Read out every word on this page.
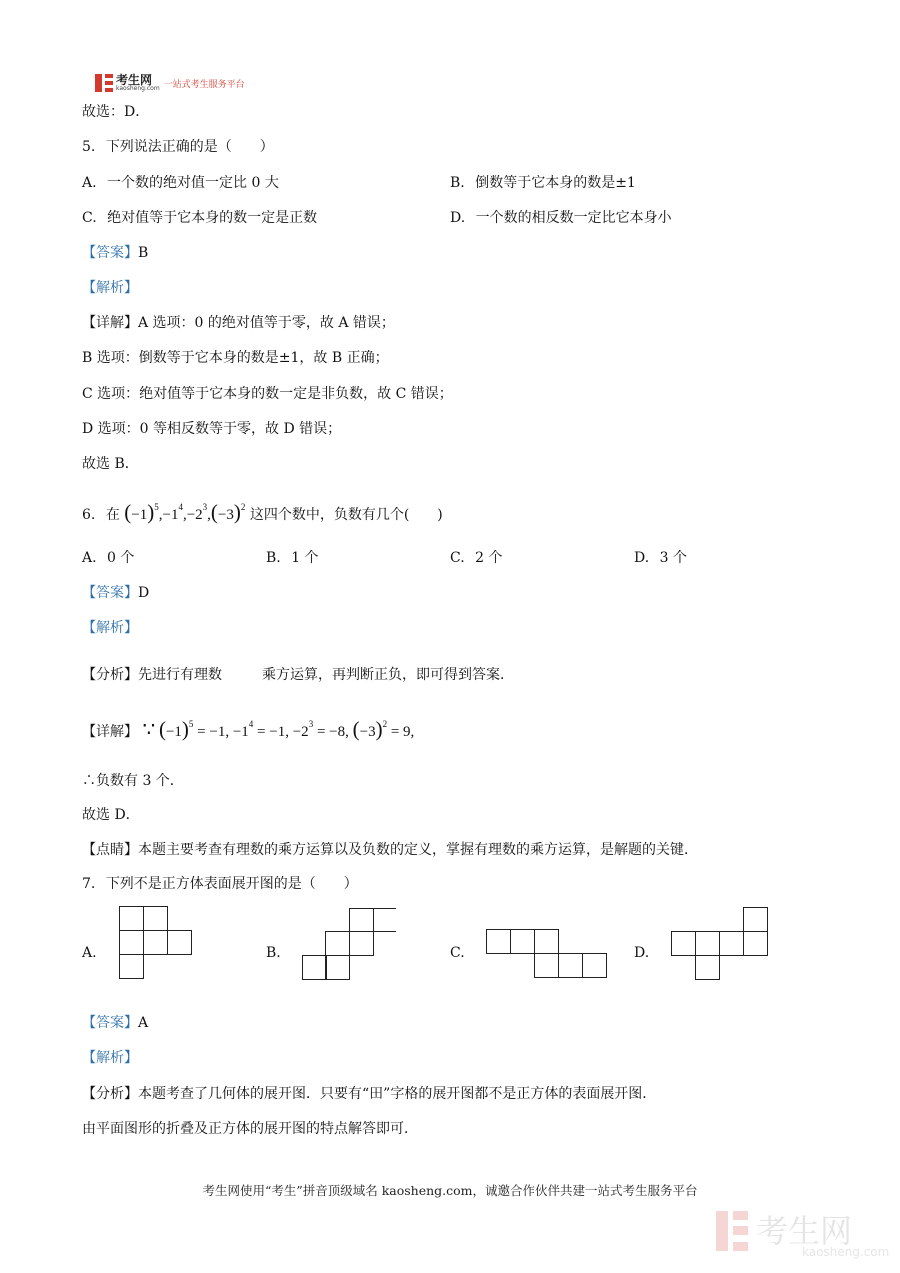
考生网
kaosheng.com 一站式考生服务平台
故选：D．
5. 下列说法正确的是（　　）
A. 一个数的绝对值一定比 0 大	B. 倒数等于它本身的数是±1
C. 绝对值等于它本身的数一定是正数	D. 一个数的相反数一定比它本身小
【答案】B
【解析】
【详解】A 选项：0 的绝对值等于零，故 A 错误；
B 选项：倒数等于它本身的数是±1，故 B 正确；
C 选项：绝对值等于它本身的数一定是非负数，故 C 错误；
D 选项：0 等相反数等于零，故 D 错误；
故选 B．
6. 在 $(-1)^5,-1^4,-2^3,(-3)^2$ 这四个数中，负数有几个(　　)
A. 0 个	B. 1 个	C. 2 个	D. 3 个
【答案】D
【解析】
【分析】先进行有理数	乘方运算，再判断正负，即可得到答案．
【详解】 ∵ $(-1)^5 = -1$, $-1^4 = -1$, $-2^3 = -8$, $(-3)^2 = 9$,
∴负数有 3 个．
故选 D．
【点睛】本题主要考查有理数的乘方运算以及负数的定义，掌握有理数的乘方运算，是解题的关键．
7. 下列不是正方体表面展开图的是（　　）
A.	B.	C.	D.
【答案】A
【解析】
【分析】本题考查了几何体的展开图．只要有“田”字格的展开图都不是正方体的表面展开图．
由平面图形的折叠及正方体的展开图的特点解答即可．
考生网使用“考生”拼音顶级域名 kaosheng.com，诚邀合作伙伴共建一站式考生服务平台
考生网
kaosheng.com
